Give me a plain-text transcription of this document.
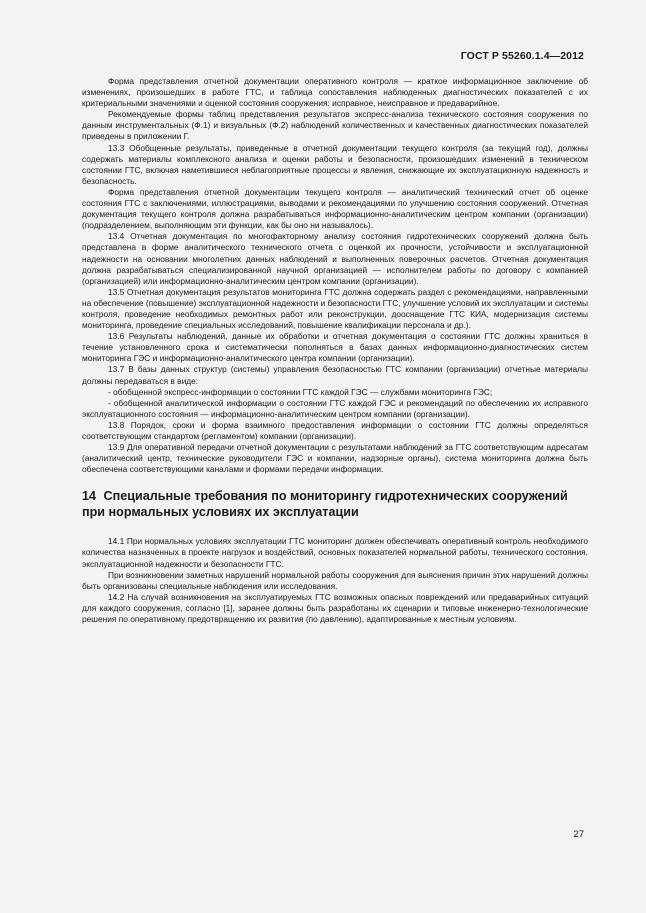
ГОСТ Р 55260.1.4—2012

Форма представления отчетной документации оперативного контроля — краткое информационное заключение об изменениях, произошедших в работе ГТС, и таблица сопоставления наблюденных диагностических показателей с их критериальными значениями и оценкой состояния сооружения: исправное, неисправное и предаварийное.

Рекомендуемые формы таблиц представления результатов экспресс-анализа технического состояния сооружения по данным инструментальных (Ф.1) и визуальных (Ф.2) наблюдений количественных и качественных диагностических показателей приведены в приложении Г.

13.3 Обобщенные результаты, приведенные в отчетной документации текущего контроля (за текущий год), должны содержать материалы комплексного анализа и оценки работы и безопасности, произошедших изменений в техническом состоянии ГТС, включая наметившиеся неблагоприятные процессы и явления, снижающие их эксплуатационную надежность и безопасность.

Форма представления отчетной документации текущего контроля — аналитический технический отчет об оценке состояния ГТС с заключениями, иллюстрациями, выводами и рекомендациями по улучшению состояния сооружений. Отчетная документация текущего контроля должна разрабатываться информационно-аналитическим центром компании (организации) (подразделением, выполняющим эти функции, как бы оно ни называлось).

13.4 Отчетная документация по многофакторному анализу состояния гидротехнических сооружений должна быть представлена в форме аналитического технического отчета с оценкой их прочности, устойчивости и эксплуатационной надежности на основании многолетних данных наблюдений и выполненных поверочных расчетов. Отчетная документация должна разрабатываться специализированной научной организацией — исполнителем работы по договору с компанией (организацией) или информационно-аналитическим центром компании (организации).

13.5 Отчетная документация результатов мониторинга ГТС должна содержать раздел с рекомендациями, направленными на обеспечение (повышение) эксплуатационной надежности и безопасности ГТС, улучшение условий их эксплуатации и системы контроля, проведение необходимых ремонтных работ или реконструкции, дооснащение ГТС КИА, модернизация системы мониторинга, проведение специальных исследований, повышение квалификации персонала и др.).

13.6 Результаты наблюдений, данные их обработки и отчетная документация о состоянии ГТС должны храниться в течение установленного срока и систематически пополняться в базах данных информационно-диагностических систем мониторинга ГЭС и информационно-аналитического центра компании (организации).

13.7 В базы данных структур (системы) управления безопасностью ГТС компании (организации) отчетные материалы должны передаваться в виде:

- обобщенной экспресс-информации о состоянии ГТС каждой ГЭС — службами мониторинга ГЭС;

- обобщенной аналитической информации о состоянии ГТС каждой ГЭС и рекомендаций по обеспечению их исправного эксплуатационного состояния — информационно-аналитическим центром компании (организации).

13.8 Порядок, сроки и форма взаимного предоставления информации о состоянии ГТС должны определяться соответствующим стандартом (регламентом) компании (организации).

13.9 Для оперативной передачи отчетной документации с результатами наблюдений за ГТС соответствующим адресатам (аналитический центр, технические руководители ГЭС и компании, надзорные органы), система мониторинга должна быть обеспечена соответствующими каналами и формами передачи информации.

14 Специальные требования по мониторингу гидротехнических сооружений при нормальных условиях их эксплуатации

14.1 При нормальных условиях эксплуатации ГТС мониторинг должен обеспечивать оперативный контроль необходимого количества назначенных в проекте нагрузок и воздействий, основных показателей нормальной работы, технического состояния, эксплуатационной надежности и безопасности ГТС.

При возникновении заметных нарушений нормальной работы сооружения для выяснения причин этих нарушений должны быть организованы специальные наблюдения или исследования.

14.2 На случай возникновения на эксплуатируемых ГТС возможных опасных повреждений или предаварийных ситуаций для каждого сооружения, согласно [1], заранее должны быть разработаны их сценарии и типовые инженерно-технологические решения по оперативному предотвращению их развития (по давлению), адаптированные к местным условиям.

27
